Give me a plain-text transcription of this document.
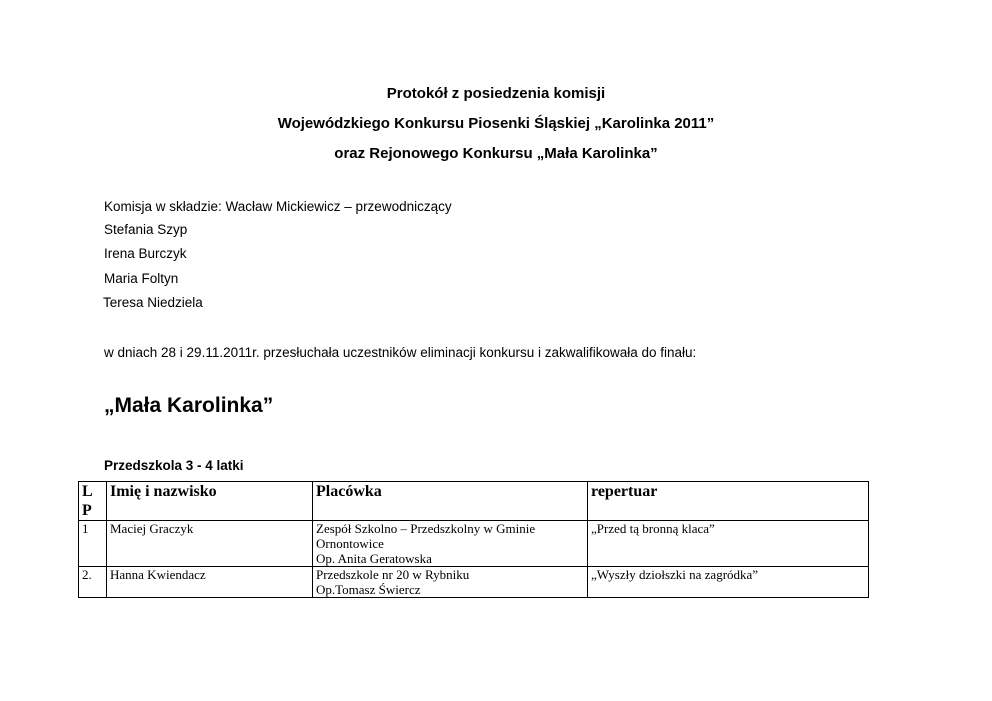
Protokół z posiedzenia komisji
Wojewódzkiego Konkursu Piosenki Śląskiej „Karolinka 2011”
oraz Rejonowego Konkursu „Mała Karolinka”
Komisja w składzie: Wacław Mickiewicz – przewodniczący
Stefania Szyp
Irena Burczyk
Maria Foltyn
Teresa Niedziela
w dniach 28 i 29.11.2011r. przesłuchała uczestników eliminacji konkursu i zakwalifikowała do finału:
„Mała Karolinka”
Przedszkola 3 - 4 latki
L
P	Imię i nazwisko	Placówka	repertuar
1	Maciej Graczyk	Zespół Szkolno – Przedszkolny w Gminie
Ornontowice
Op. Anita Geratowska	„Przed tą bronną klaca”
2.	Hanna Kwiendacz	Przedszkole nr 20 w Rybniku
Op.Tomasz Świercz	„Wyszły dziołszki na zagródka”
